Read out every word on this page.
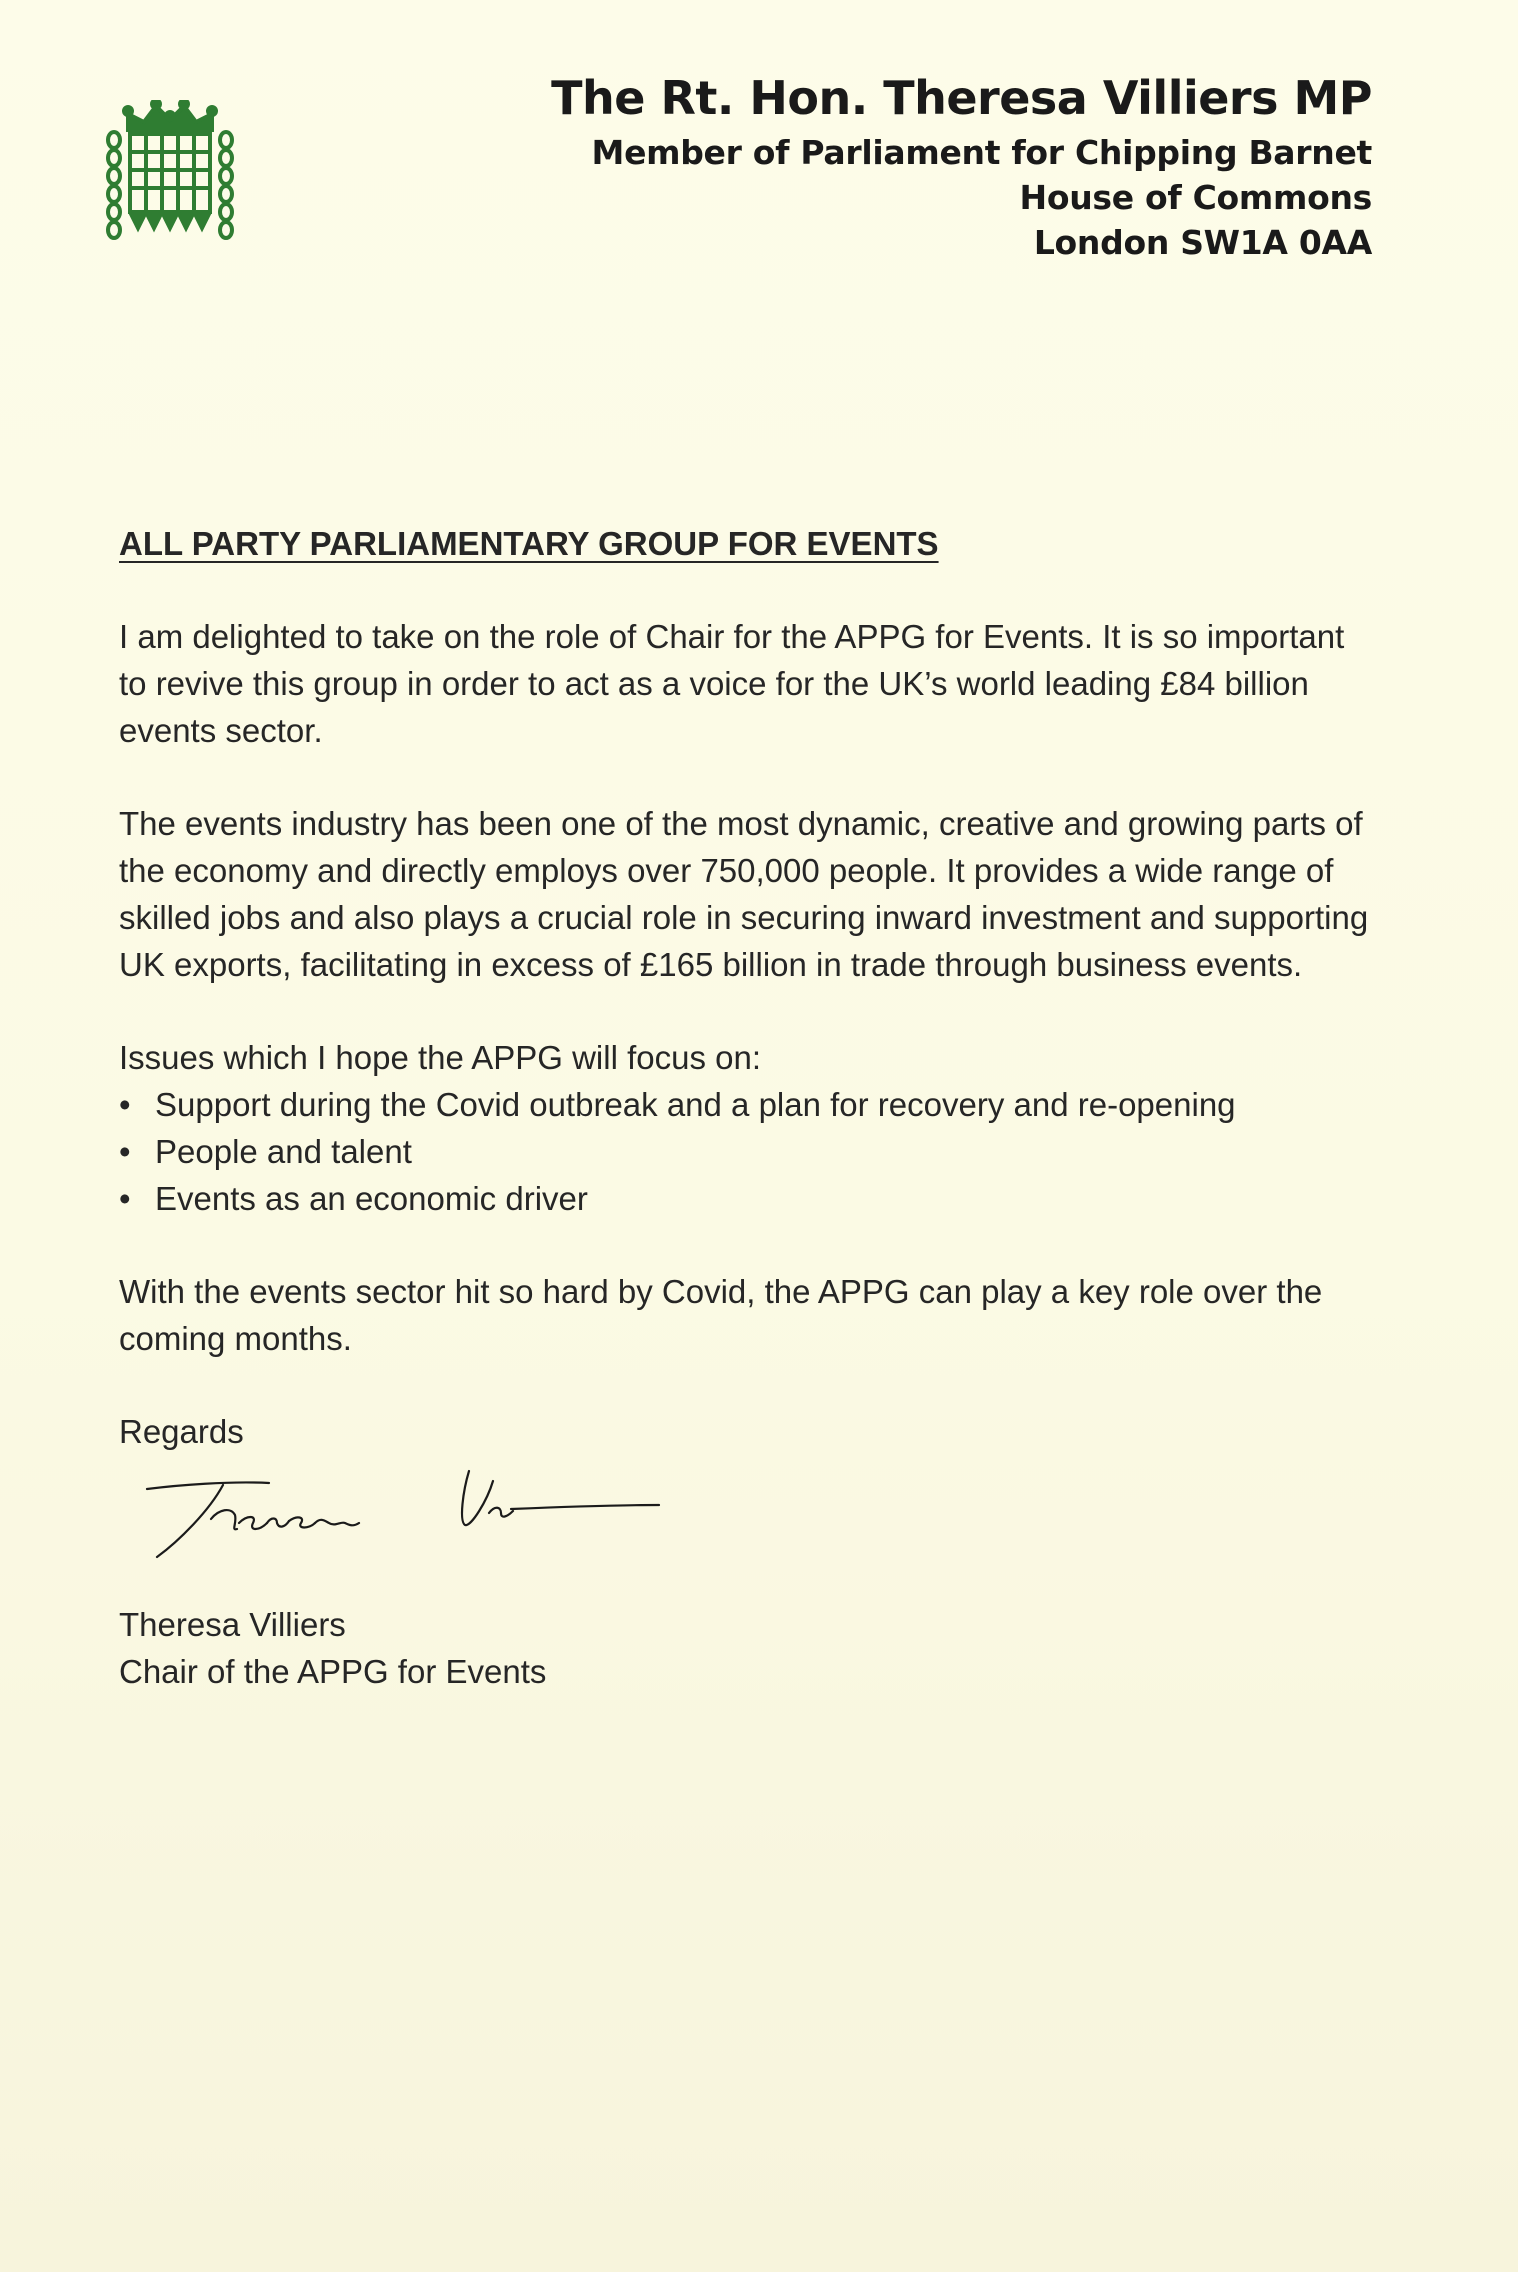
The Rt. Hon. Theresa Villiers MP
Member of Parliament for Chipping Barnet
House of Commons
London SW1A 0AA

ALL PARTY PARLIAMENTARY GROUP FOR EVENTS

I am delighted to take on the role of Chair for the APPG for Events. It is so important to revive this group in order to act as a voice for the UK’s world leading £84 billion events sector.

The events industry has been one of the most dynamic, creative and growing parts of the economy and directly employs over 750,000 people. It provides a wide range of skilled jobs and also plays a crucial role in securing inward investment and supporting UK exports, facilitating in excess of £165 billion in trade through business events.

Issues which I hope the APPG will focus on:

• Support during the Covid outbreak and a plan for recovery and re-opening
• People and talent
• Events as an economic driver

With the events sector hit so hard by Covid, the APPG can play a key role over the coming months.

Regards

Theresa Villiers

Chair of the APPG for Events
